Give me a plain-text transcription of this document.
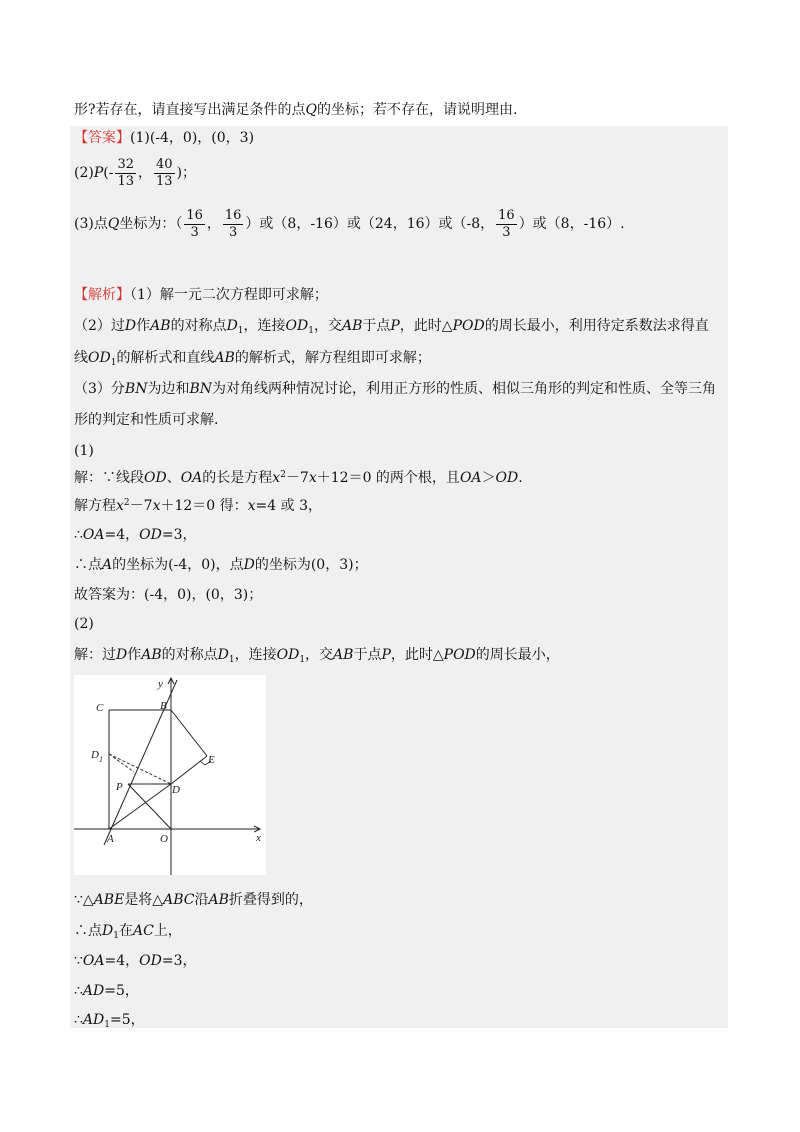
形?若存在，请直接写出满足条件的点Q的坐标；若不存在，请说明理由.
【答案】(1)(-4，0)，(0，3)
$(2)P(- \frac{32}{13}$ ， $\frac{40}{13}$ )；
(3)点Q坐标为：（ $\frac{16}{3}$ ， $\frac{16}{3}$ ）或（8，-16）或（24，16）或（-8， $\frac{16}{3}$ ）或（8，-16）.
【解析】（1）解一元二次方程即可求解；
（2）过D作AB的对称点$D_1$，连接$OD_1$，交AB于点P，此时△POD的周长最小，利用待定系数法求得直
线$OD_1$的解析式和直线AB的解析式，解方程组即可求解；
（3）分BN为边和BN为对角线两种情况讨论，利用正方形的性质、相似三角形的判定和性质、全等三角
形的判定和性质可求解.
(1)
解：∵线段OD、OA的长是方程$x^2-7x+12=0$ 的两个根，且OA＞OD.
解方程$x^2-7x+12=0$ 得：x=4 或 3，
∴OA=4，OD=3，
∴点A的坐标为(-4，0)，点D的坐标为(0，3)；
故答案为：(-4，0)，(0，3)；
(2)
解：过D作AB的对称点$D_1$，连接$OD_1$，交AB于点P，此时△POD的周长最小，
y
x
B
C
D 1	E
P	D
A	O
∵△ABE是将△ABC沿AB折叠得到的，
∴点$D_1$在AC上，
∵OA=4，OD=3，
∴AD=5，
$\therefore AD_1=5$，
